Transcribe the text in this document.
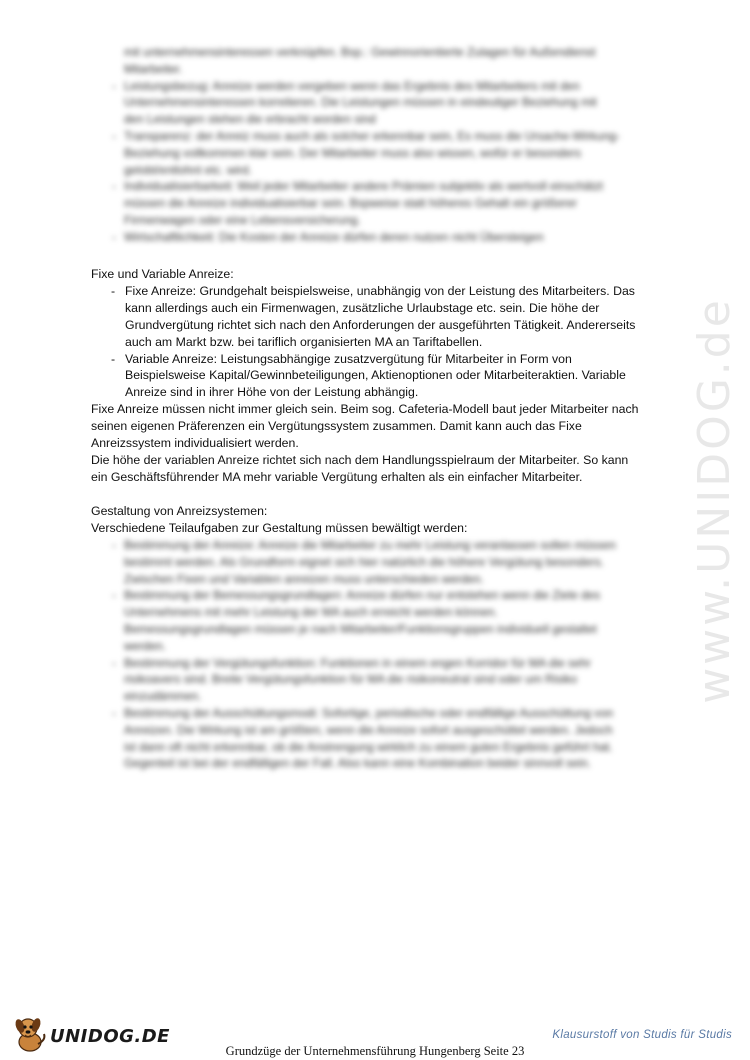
www.UNIDOG.de
mit unternehmensinteressen verknüpfen. Bsp.: Gewinnorientierte Zulagen für Außendienst
Mitarbeiter.
- Leistungsbezug: Anreize werden vergeben wenn das Ergebnis des Mitarbeiters mit den
Unternehmensinteressen korrelieren. Die Leistungen müssen in eindeutiger Beziehung mit
den Leistungen stehen die erbracht worden sind
- Transparenz: der Anreiz muss auch als solcher erkennbar sein, Es muss die Ursache-Wirkung-
Beziehung vollkommen klar sein. Der Mitarbeiter muss also wissen, wofür er besonders
gelobt/entlohnt etc. wird.
- Individualisierbarkeit: Weil jeder Mitarbeiter andere Prämien subjektiv als wertvoll einschätzt
müssen die Anreize individualisierbar sein. Bspweise statt höheres Gehalt ein größerer
Firmenwagen oder eine Lebensversicherung.
- Wirtschaftlichkeit: Die Kosten der Anreize dürfen deren nutzen nicht Übersteigen

Fixe und Variable Anreize:

- Fixe Anreize: Grundgehalt beispielsweise, unabhängig von der Leistung des Mitarbeiters. Das
kann allerdings auch ein Firmenwagen, zusätzliche Urlaubstage etc. sein. Die höhe der
Grundvergütung richtet sich nach den Anforderungen der ausgeführten Tätigkeit. Andererseits
auch am Markt bzw. bei tariflich organisierten MA an Tariftabellen.
- Variable Anreize: Leistungsabhängige zusatzvergütung für Mitarbeiter in Form von
Beispielsweise Kapital/Gewinnbeteiligungen, Aktienoptionen oder Mitarbeiteraktien. Variable
Anreize sind in ihrer Höhe von der Leistung abhängig.
Fixe Anreize müssen nicht immer gleich sein. Beim sog. Cafeteria-Modell baut jeder Mitarbeiter nach
seinen eigenen Präferenzen ein Vergütungssystem zusammen. Damit kann auch das Fixe
Anreizssystem individualisiert werden.
Die höhe der variablen Anreize richtet sich nach dem Handlungsspielraum der Mitarbeiter. So kann
ein Geschäftsführender MA mehr variable Vergütung erhalten als ein einfacher Mitarbeiter.

Gestaltung von Anreizsystemen:

Verschiedene Teilaufgaben zur Gestaltung müssen bewältigt werden:

- Bestimmung der Anreize: Anreize die Mitarbeiter zu mehr Leistung veranlassen sollen müssen
bestimmt werden. Als Grundform eignet sich hier natürlich die höhere Vergütung besonders.
Zwischen Fixen und Variablen anreizen muss unterschieden werden.
- Bestimmung der Bemessungsgrundlagen: Anreize dürfen nur entstehen wenn die Ziele des
Unternehmens mit mehr Leistung der MA auch erreicht werden können.
Bemessungsgrundlagen müssen je nach Mitarbeiter/Funktionsgruppen individuell gestaltet
werden.
- Bestimmung der Vergütungsfunktion: Funktionen in einem engen Korridor für MA die sehr
risikoavers sind. Breite Vergütungsfunktion für MA die risikoneutral sind oder um Risiko
einzudämmen.
- Bestimmung der Ausschüttungsmodi: Sofortige, periodische oder endfällige Ausschüttung von
Anreizen. Die Wirkung ist am größten, wenn die Anreize sofort ausgeschüttet werden. Jedoch
ist dann oft nicht erkennbar, ob die Anstrengung wirklich zu einem guten Ergebnis geführt hat.
Gegenteil ist bei der endfälligen der Fall. Also kann eine Kombination beider sinnvoll sein.
UNIDOG.DE	Klausurstoff von Studis für Studis
Grundzüge der Unternehmensführung Hungenberg Seite 23
